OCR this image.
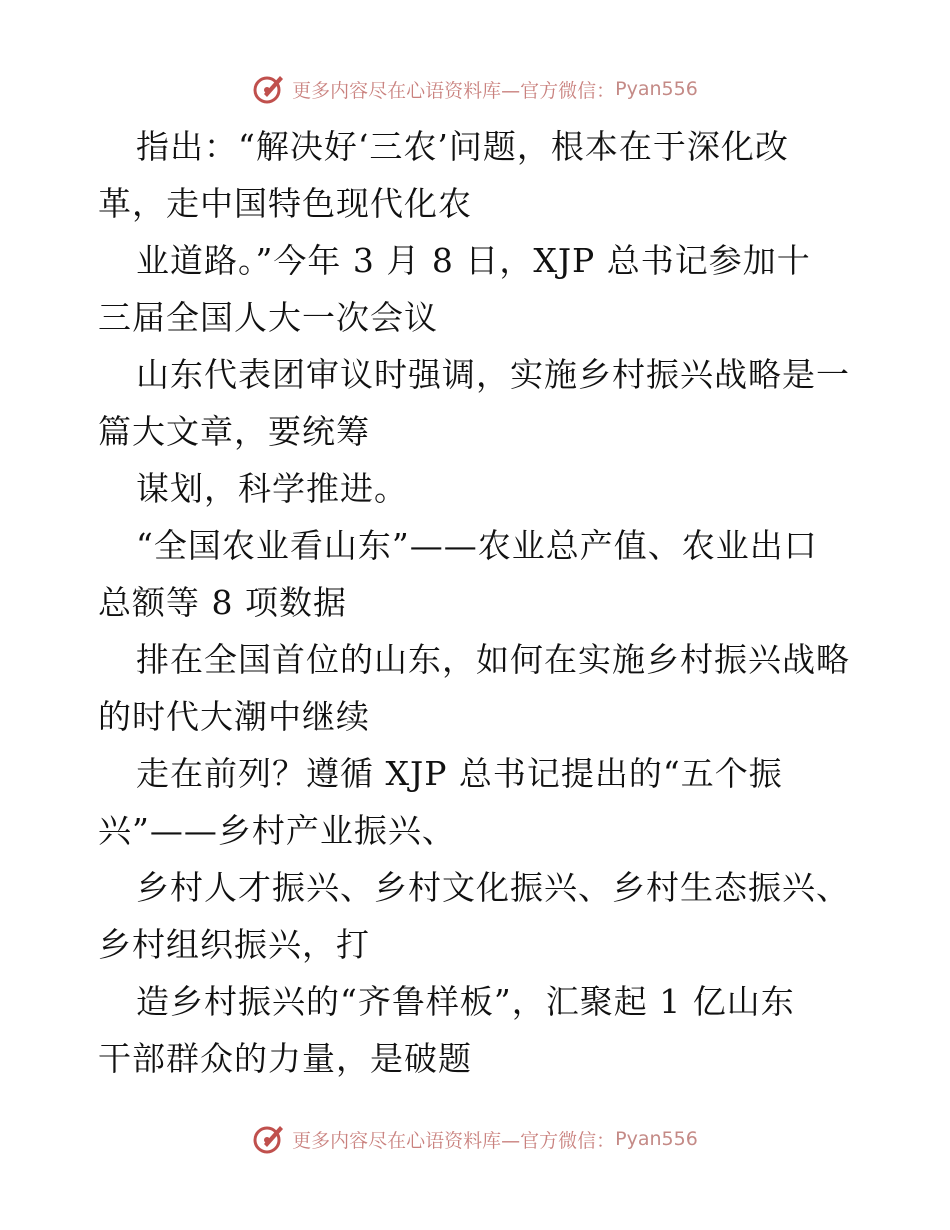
更多内容尽在心语资料库—官方微信： Pyan556
指出：“解决好‘三农’问题，根本在于深化改
革，走中国特色现代化农
业道路。”今年 3 月 8 日，XJP 总书记参加十
三届全国人大一次会议
山东代表团审议时强调，实施乡村振兴战略是一
篇大文章，要统筹
谋划，科学推进。
“全国农业看山东”——农业总产值、农业出口
总额等 8 项数据
排在全国首位的山东，如何在实施乡村振兴战略
的时代大潮中继续
走在前列？遵循 XJP 总书记提出的“五个振
兴”——乡村产业振兴、
乡村人才振兴、乡村文化振兴、乡村生态振兴、
乡村组织振兴，打
造乡村振兴的“齐鲁样板”，汇聚起 1 亿山东
干部群众的力量，是破题
更多内容尽在心语资料库—官方微信： Pyan556
